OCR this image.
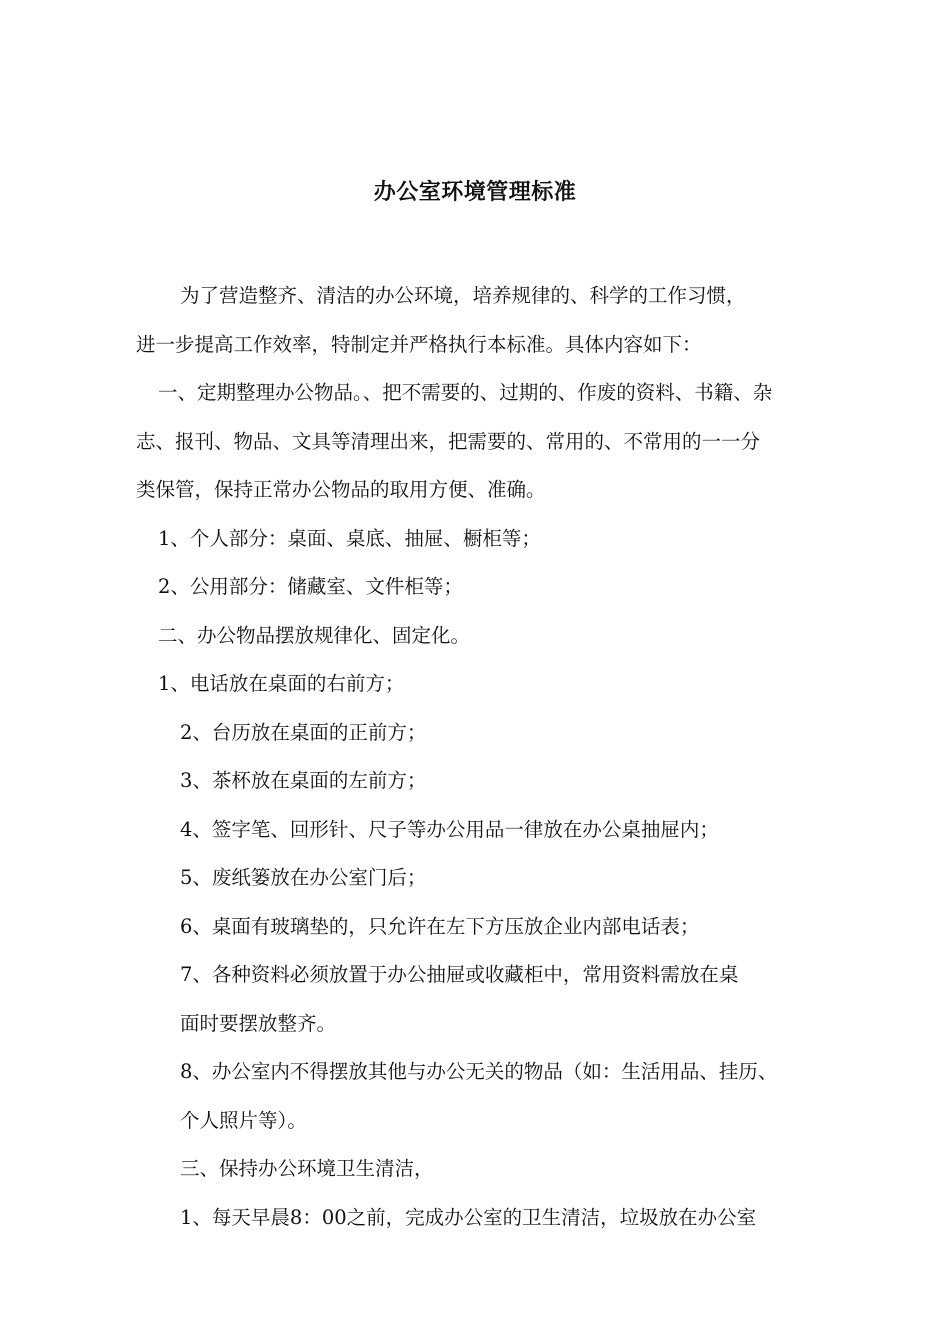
办公室环境管理标准

为了营造整齐、清洁的办公环境，培养规律的、科学的工作习惯，

进一步提高工作效率，特制定并严格执行本标准。具体内容如下：

一、定期整理办公物品。、把不需要的、过期的、作废的资料、书籍、杂

志、报刊、物品、文具等清理出来，把需要的、常用的、不常用的一一分

类保管，保持正常办公物品的取用方便、准确。

1、个人部分：桌面、桌底、抽屉、橱柜等；

2、公用部分：储藏室、文件柜等；

二、办公物品摆放规律化、固定化。

1、电话放在桌面的右前方；

2、台历放在桌面的正前方；

3、茶杯放在桌面的左前方；

4、签字笔、回形针、尺子等办公用品一律放在办公桌抽屉内；

5、废纸篓放在办公室门后；

6、桌面有玻璃垫的，只允许在左下方压放企业内部电话表；

7、各种资料必须放置于办公抽屉或收藏柜中，常用资料需放在桌

面时要摆放整齐。

8、办公室内不得摆放其他与办公无关的物品（如：生活用品、挂历、

个人照片等）。

三、保持办公环境卫生清洁，

1、每天早晨8：00之前，完成办公室的卫生清洁，垃圾放在办公室
